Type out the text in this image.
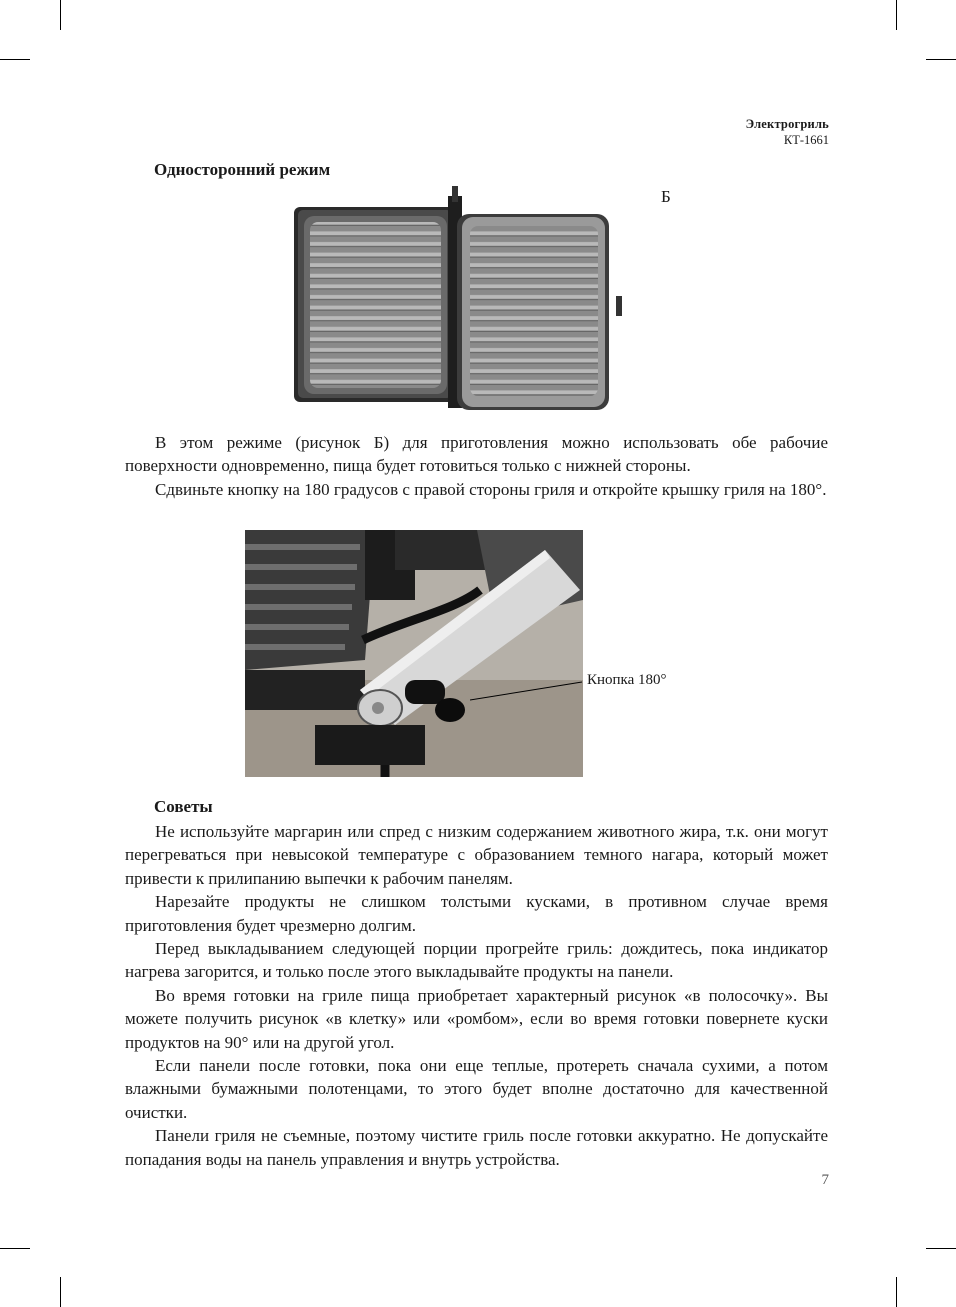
Электрогриль
КТ-1661
Односторонний режим
Б

В этом режиме (рисунок Б) для приготовления можно использовать обе рабочие поверхности одновременно, пища будет готовиться только с нижней стороны.

Сдвиньте кнопку на 180 градусов с правой стороны гриля и откройте крышку гриля на 180°.

Кнопка 180°
Советы

Не используйте маргарин или спред с низким содержанием животного жира, т.к. они могут перегреваться при невысокой температуре с образованием темного нагара, который может привести к прилипанию выпечки к рабочим панелям.

Нарезайте продукты не слишком толстыми кусками, в противном случае время приготовления будет чрезмерно долгим.

Перед выкладыванием следующей порции прогрейте гриль: дождитесь, пока индикатор нагрева загорится, и только после этого выкладывайте продукты на панели.

Во время готовки на гриле пища приобретает характерный рисунок «в полосочку». Вы можете получить рисунок «в клетку» или «ромбом», если во время готовки повернете куски продуктов на 90° или на другой угол.

Если панели после готовки, пока они еще теплые, протереть сначала сухими, а потом влажными бумажными полотенцами, то этого будет вполне достаточно для качественной очистки.

Панели гриля не съемные, поэтому чистите гриль после готовки аккуратно. Не допускайте попадания воды на панель управления и внутрь устройства.

7
